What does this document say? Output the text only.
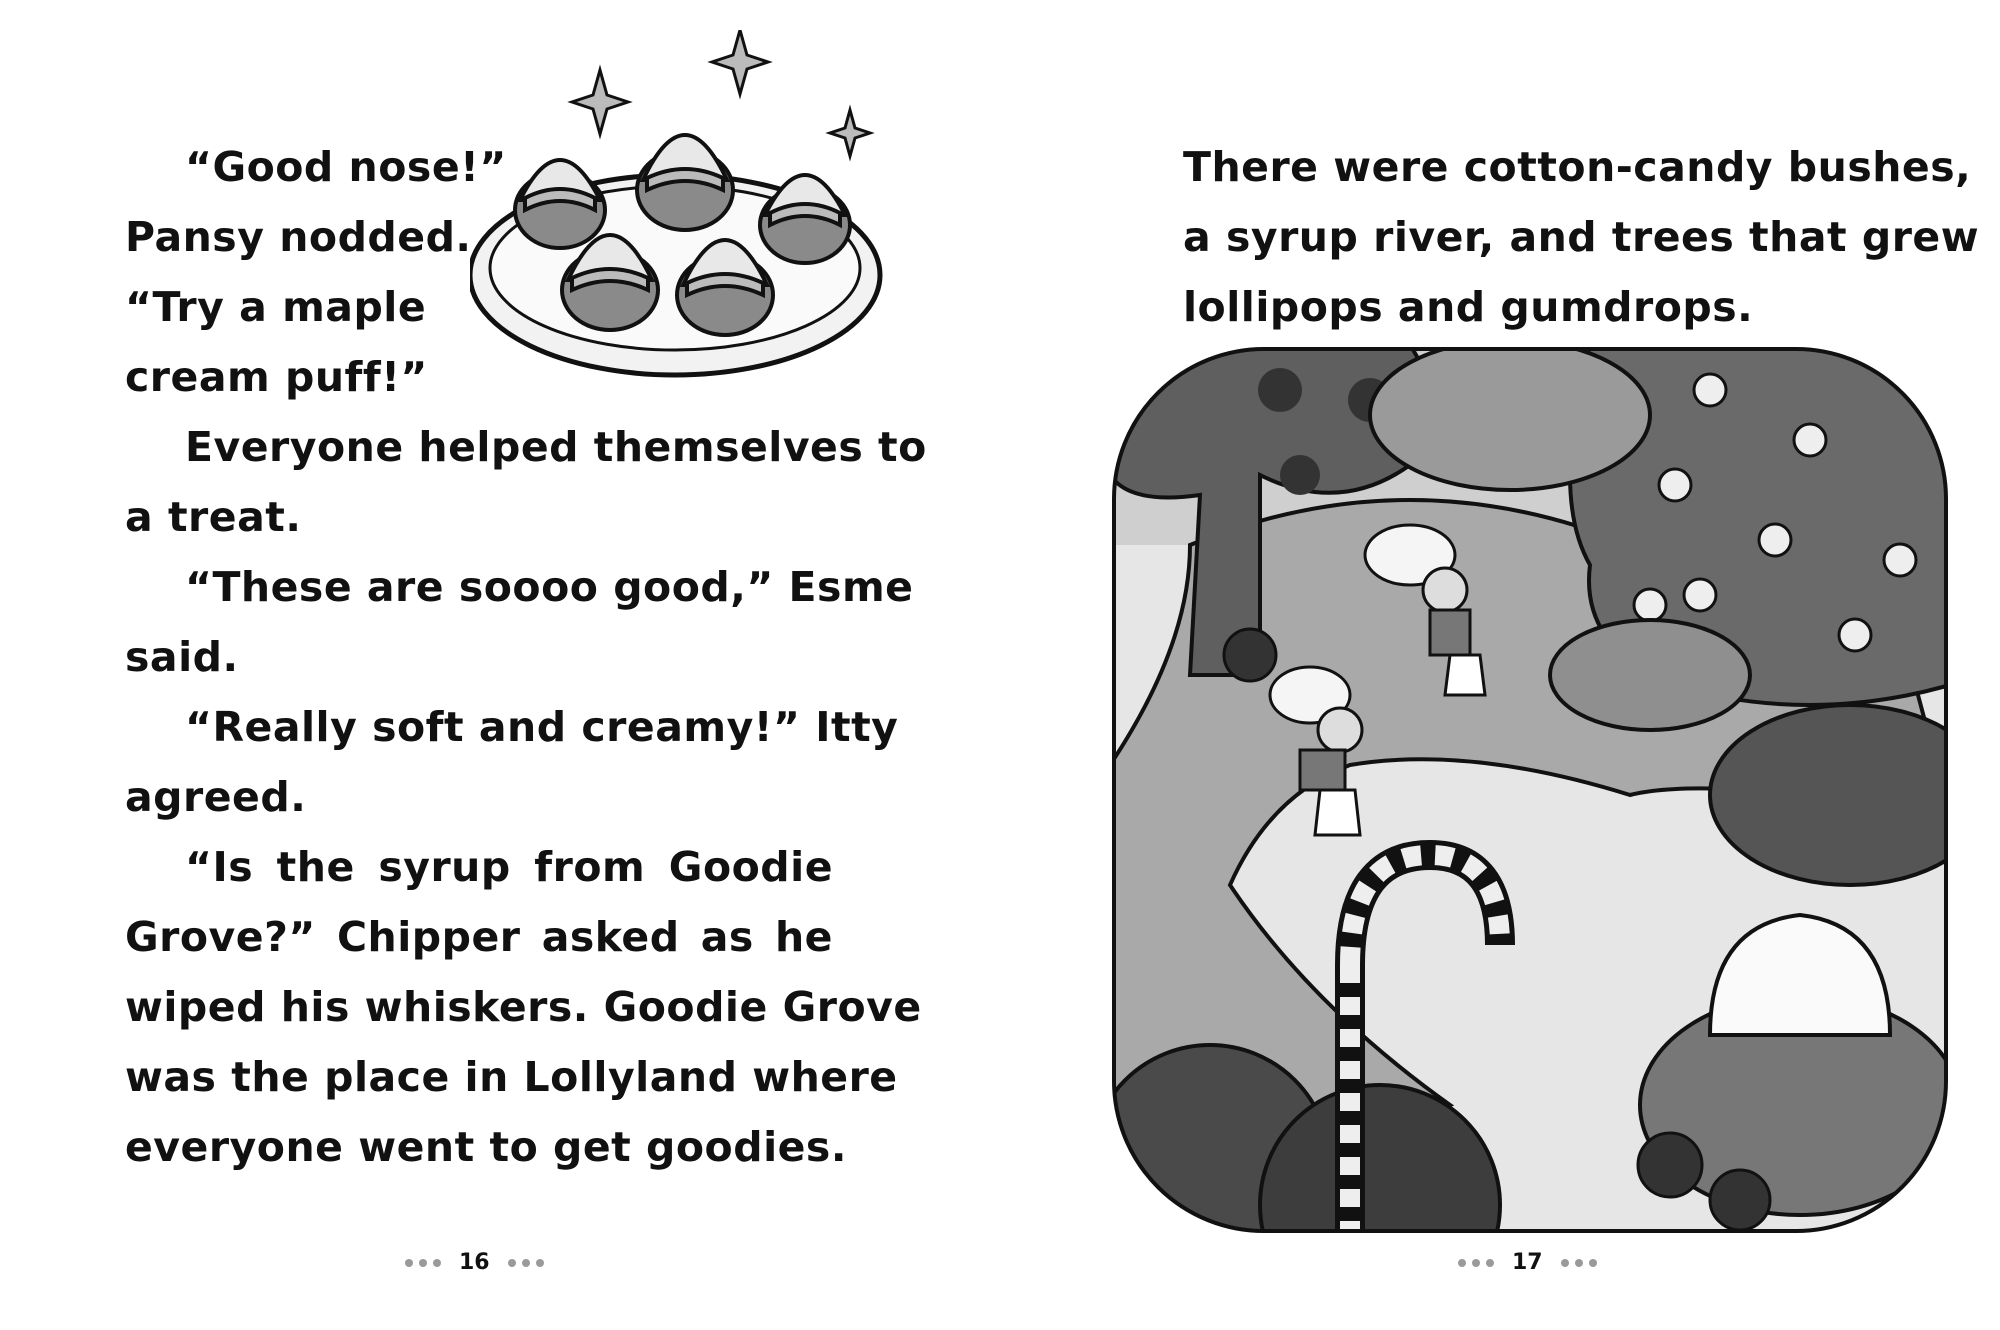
“Good nose!”
Pansy nodded.
“Try a maple
cream puff!”
Everyone helped themselves to
a treat.
“These are soooo good,” Esme
said.
“Really soft and creamy!” Itty
agreed.
“Is the syrup from Goodie
Grove?” Chipper asked as he
wiped his whiskers. Goodie Grove
was the place in Lollyland where
everyone went to get goodies.
16
There were cotton-candy bushes,
a syrup river, and trees that grew
lollipops and gumdrops.
17
